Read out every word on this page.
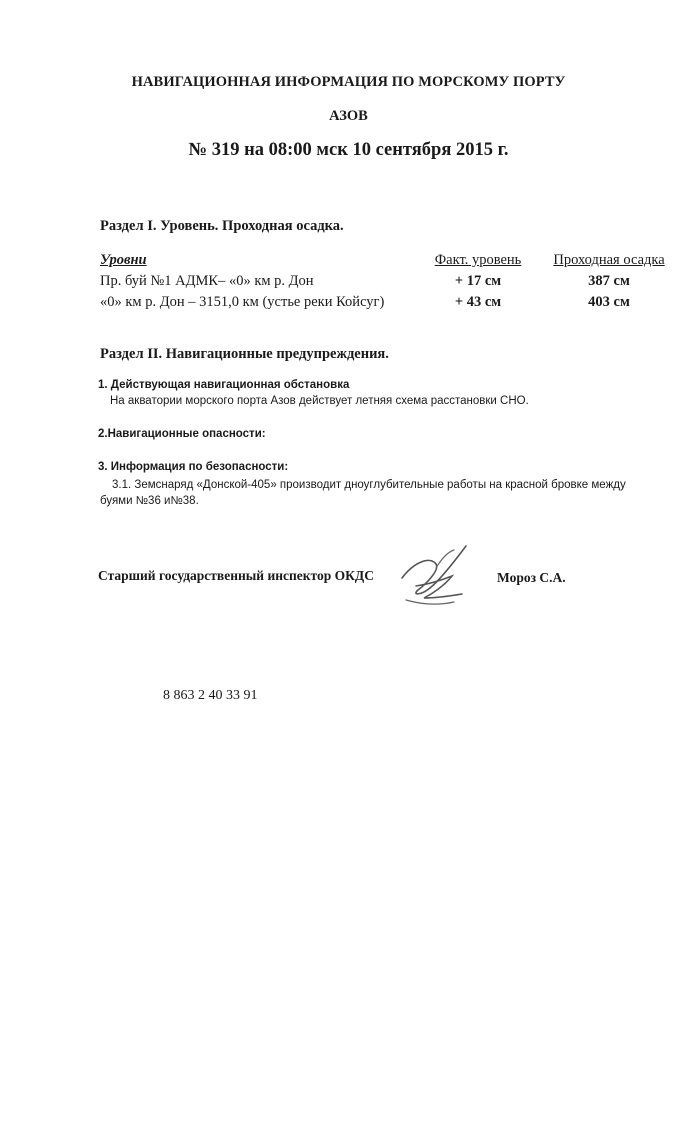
НАВИГАЦИОННАЯ ИНФОРМАЦИЯ ПО МОРСКОМУ ПОРТУ
АЗОВ
№ 319 на 08:00 мск 10 сентября 2015 г.
Раздел I. Уровень. Проходная осадка.
Уровни	Факт. уровень	Проходная осадка
Пр. буй №1 АДМК– «0» км р. Дон	+ 17 см	387 см
«0» км р. Дон – 3151,0 км (устье реки Койсуг)	+ 43 см	403 см
Раздел II. Навигационные предупреждения.
1. Действующая навигационная обстановка
На акватории морского порта Азов действует летняя схема расстановки СНО.
2.Навигационные опасности:
3. Информация по безопасности:
3.1. Земснаряд «Донской-405» производит дноуглубительные работы на красной бровке между
буями №36 и№38.
Старший государственный инспектор ОКДС	Мороз С.А.
8 863 2 40 33 91
